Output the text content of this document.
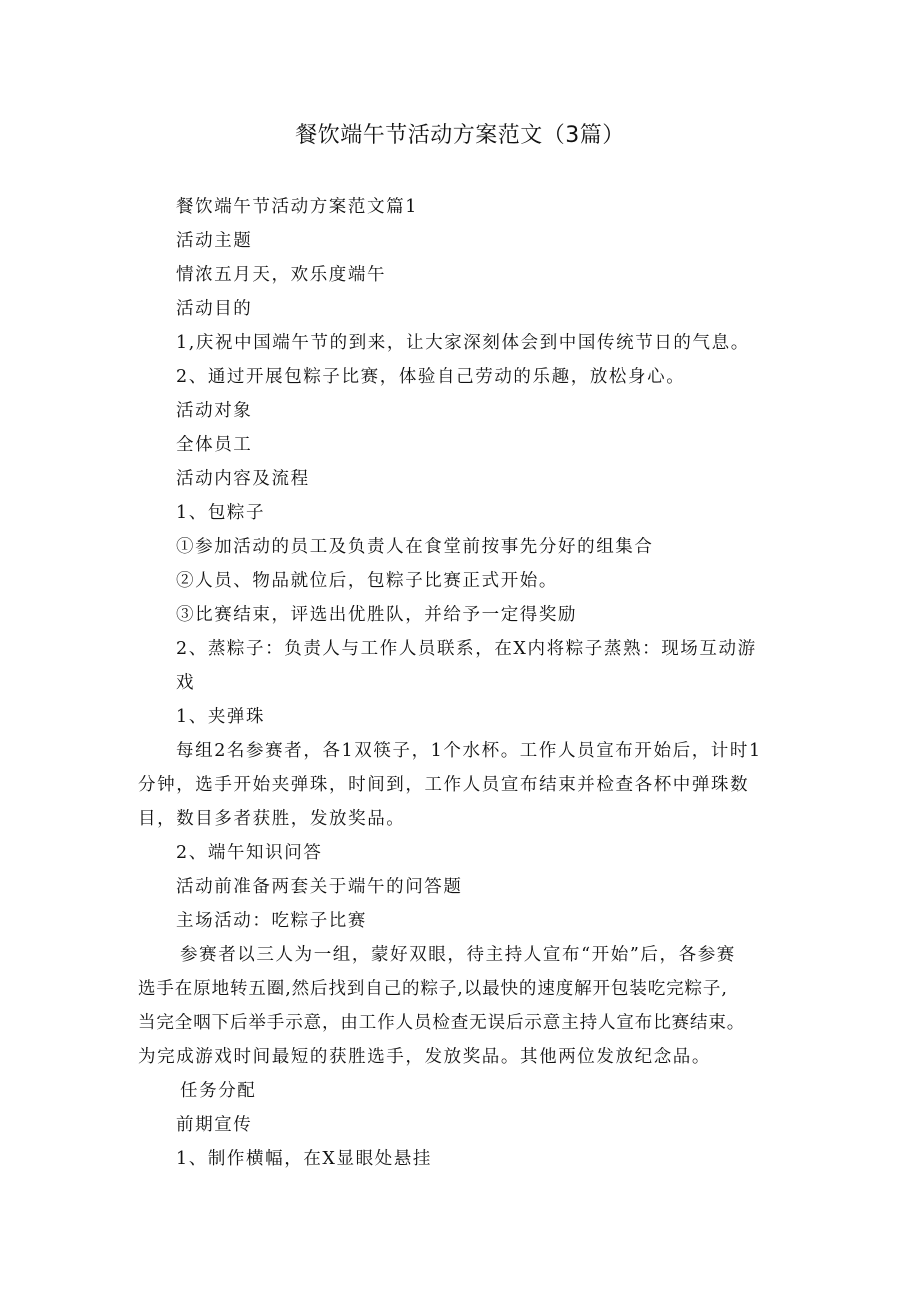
餐饮端午节活动方案范文（3篇）
餐饮端午节活动方案范文篇1
活动主题
情浓五月天，欢乐度端午
活动目的
1,庆祝中国端午节的到来，让大家深刻体会到中国传统节日的气息。
2、通过开展包粽子比赛，体验自己劳动的乐趣，放松身心。
活动对象
全体员工
活动内容及流程
1、包粽子
①参加活动的员工及负责人在食堂前按事先分好的组集合
②人员、物品就位后，包粽子比赛正式开始。
③比赛结束，评选出优胜队，并给予一定得奖励
2、蒸粽子：负责人与工作人员联系，在X内将粽子蒸熟：现场互动游
戏
1、夹弹珠
每组2名参赛者，各1双筷子，1个水杯。工作人员宣布开始后，计时1
分钟，选手开始夹弹珠，时间到，工作人员宣布结束并检查各杯中弹珠数
目，数目多者获胜，发放奖品。
2、端午知识问答
活动前准备两套关于端午的问答题
主场活动：吃粽子比赛
参赛者以三人为一组，蒙好双眼，待主持人宣布“开始”后，各参赛
选手在原地转五圈,然后找到自己的粽子,以最快的速度解开包装吃完粽子,
当完全咽下后举手示意，由工作人员检查无误后示意主持人宣布比赛结束。
为完成游戏时间最短的获胜选手，发放奖品。其他两位发放纪念品。
任务分配
前期宣传
1、制作横幅，在X显眼处悬挂
